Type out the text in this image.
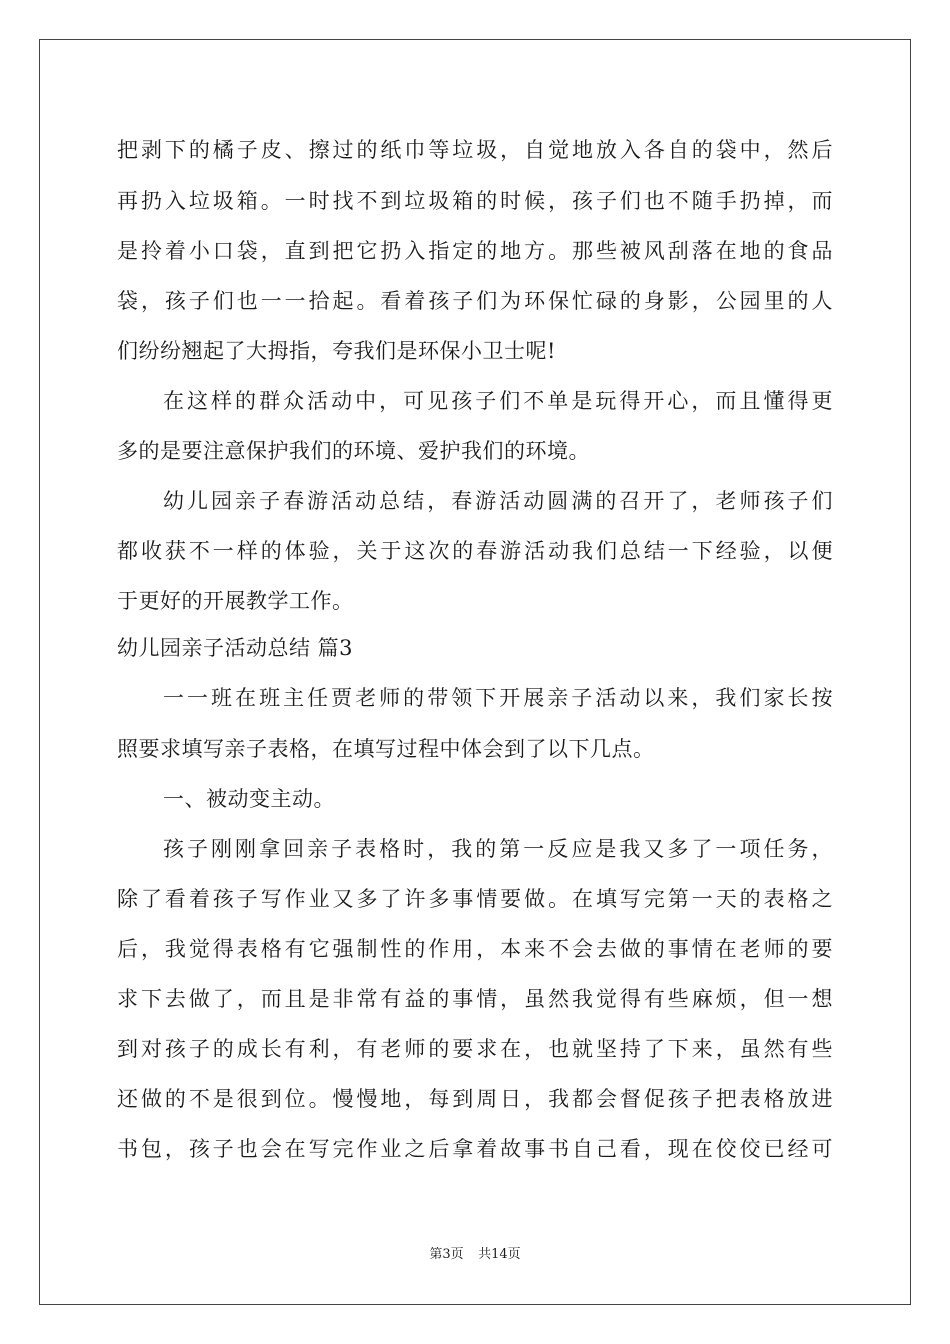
把剥下的橘子皮、擦过的纸巾等垃圾，自觉地放入各自的袋中，然后
再扔入垃圾箱。一时找不到垃圾箱的时候，孩子们也不随手扔掉，而
是拎着小口袋，直到把它扔入指定的地方。那些被风刮落在地的食品
袋，孩子们也一一拾起。看着孩子们为环保忙碌的身影，公园里的人
们纷纷翘起了大拇指，夸我们是环保小卫士呢!
在这样的群众活动中，可见孩子们不单是玩得开心，而且懂得更
多的是要注意保护我们的环境、爱护我们的环境。
幼儿园亲子春游活动总结，春游活动圆满的召开了，老师孩子们
都收获不一样的体验，关于这次的春游活动我们总结一下经验，以便
于更好的开展教学工作。
幼儿园亲子活动总结 篇3
一一班在班主任贾老师的带领下开展亲子活动以来，我们家长按
照要求填写亲子表格，在填写过程中体会到了以下几点。
一、被动变主动。
孩子刚刚拿回亲子表格时，我的第一反应是我又多了一项任务，
除了看着孩子写作业又多了许多事情要做。在填写完第一天的表格之
后，我觉得表格有它强制性的作用，本来不会去做的事情在老师的要
求下去做了，而且是非常有益的事情，虽然我觉得有些麻烦，但一想
到对孩子的成长有利，有老师的要求在，也就坚持了下来，虽然有些
还做的不是很到位。慢慢地，每到周日，我都会督促孩子把表格放进
书包，孩子也会在写完作业之后拿着故事书自己看，现在佼佼已经可
第3页 共14页
